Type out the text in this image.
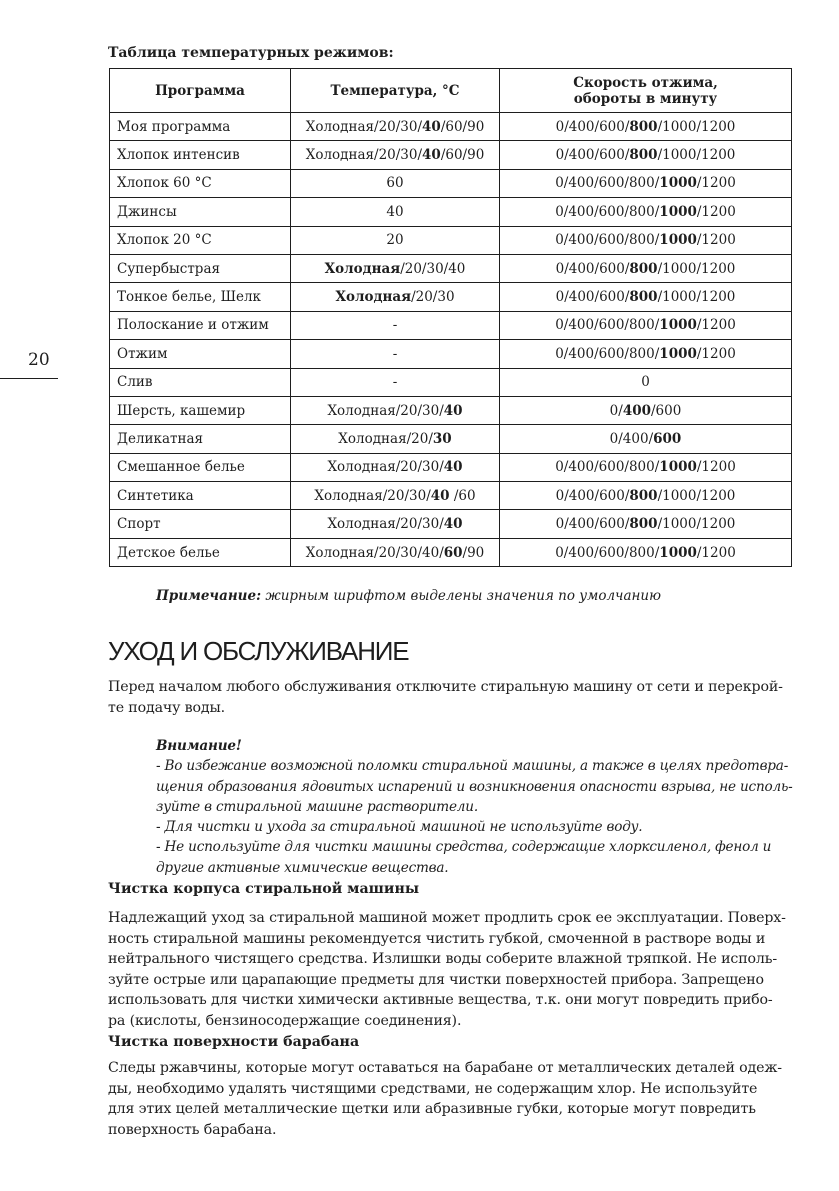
20
Таблица температурных режимов:
Программа	Температура, °С	Скорость отжима,
обороты в минуту
Моя программа	Холодная/20/30/40/60/90	0/400/600/800/1000/1200
Хлопок интенсив	Холодная/20/30/40/60/90	0/400/600/800/1000/1200
Хлопок 60 °С	60	0/400/600/800/1000/1200
Джинсы	40	0/400/600/800/1000/1200
Хлопок 20 °С	20	0/400/600/800/1000/1200
Супербыстрая	Холодная/20/30/40	0/400/600/800/1000/1200
Тонкое белье, Шелк	Холодная/20/30	0/400/600/800/1000/1200
Полоскание и отжим	-	0/400/600/800/1000/1200
Отжим	-	0/400/600/800/1000/1200
Слив	-	0
Шерсть, кашемир	Холодная/20/30/40	0/400/600
Деликатная	Холодная/20/30	0/400/600
Смешанное белье	Холодная/20/30/40	0/400/600/800/1000/1200
Синтетика	Холодная/20/30/40 /60	0/400/600/800/1000/1200
Спорт	Холодная/20/30/40	0/400/600/800/1000/1200
Детское белье	Холодная/20/30/40/60/90	0/400/600/800/1000/1200
Примечание: жирным шрифтом выделены значения по умолчанию
УХОД И ОБСЛУЖИВАНИЕ
Перед началом любого обслуживания отключите стиральную машину от сети и перекрой-
те подачу воды.
Внимание!
- Во избежание возможной поломки стиральной машины, а также в целях предотвра-
щения образования ядовитых испарений и возникновения опасности взрыва, не исполь-
зуйте в стиральной машине растворители.
- Для чистки и ухода за стиральной машиной не используйте воду.
- Не используйте для чистки машины средства, содержащие хлорксиленол, фенол и
другие активные химические вещества.
Чистка корпуса стиральной машины
Надлежащий уход за стиральной машиной может продлить срок ее эксплуатации. Поверх-
ность стиральной машины рекомендуется чистить губкой, смоченной в растворе воды и
нейтрального чистящего средства. Излишки воды соберите влажной тряпкой. Не исполь-
зуйте острые или царапающие предметы для чистки поверхностей прибора. Запрещено
использовать для чистки химически активные вещества, т.к. они могут повредить прибо-
ра (кислоты, бензиносодержащие соединения).
Чистка поверхности барабана
Следы ржавчины, которые могут оставаться на барабане от металлических деталей одеж-
ды, необходимо удалять чистящими средствами, не содержащим хлор. Не используйте
для этих целей металлические щетки или абразивные губки, которые могут повредить
поверхность барабана.
